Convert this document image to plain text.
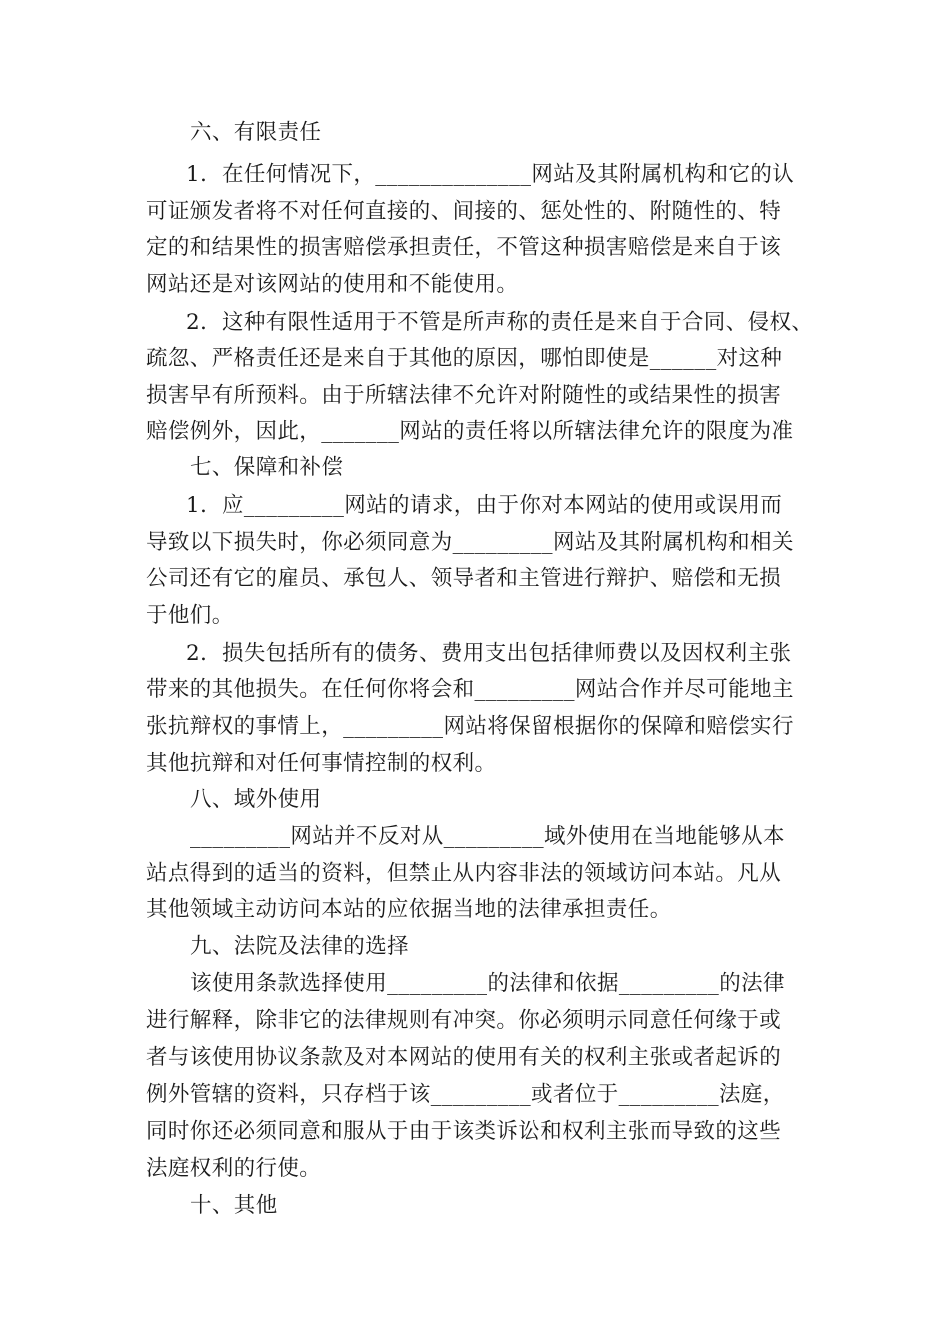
六、有限责任
1．在任何情况下，______________网站及其附属机构和它的认
可证颁发者将不对任何直接的、间接的、惩处性的、附随性的、特
定的和结果性的损害赔偿承担责任，不管这种损害赔偿是来自于该
网站还是对该网站的使用和不能使用。
2．这种有限性适用于不管是所声称的责任是来自于合同、侵权、
疏忽、严格责任还是来自于其他的原因，哪怕即使是______对这种
损害早有所预料。由于所辖法律不允许对附随性的或结果性的损害
赔偿例外，因此，_______网站的责任将以所辖法律允许的限度为准
七、保障和补偿
1．应_________网站的请求，由于你对本网站的使用或误用而
导致以下损失时，你必须同意为_________网站及其附属机构和相关
公司还有它的雇员、承包人、领导者和主管进行辩护、赔偿和无损
于他们。
2．损失包括所有的债务、费用支出包括律师费以及因权利主张
带来的其他损失。在任何你将会和_________网站合作并尽可能地主
张抗辩权的事情上，_________网站将保留根据你的保障和赔偿实行
其他抗辩和对任何事情控制的权利。
八、域外使用
_________网站并不反对从_________域外使用在当地能够从本
站点得到的适当的资料，但禁止从内容非法的领域访问本站。凡从
其他领域主动访问本站的应依据当地的法律承担责任。
九、法院及法律的选择
该使用条款选择使用_________的法律和依据_________的法律
进行解释，除非它的法律规则有冲突。你必须明示同意任何缘于或
者与该使用协议条款及对本网站的使用有关的权利主张或者起诉的
例外管辖的资料，只存档于该_________或者位于_________法庭，
同时你还必须同意和服从于由于该类诉讼和权利主张而导致的这些
法庭权利的行使。
十、其他
